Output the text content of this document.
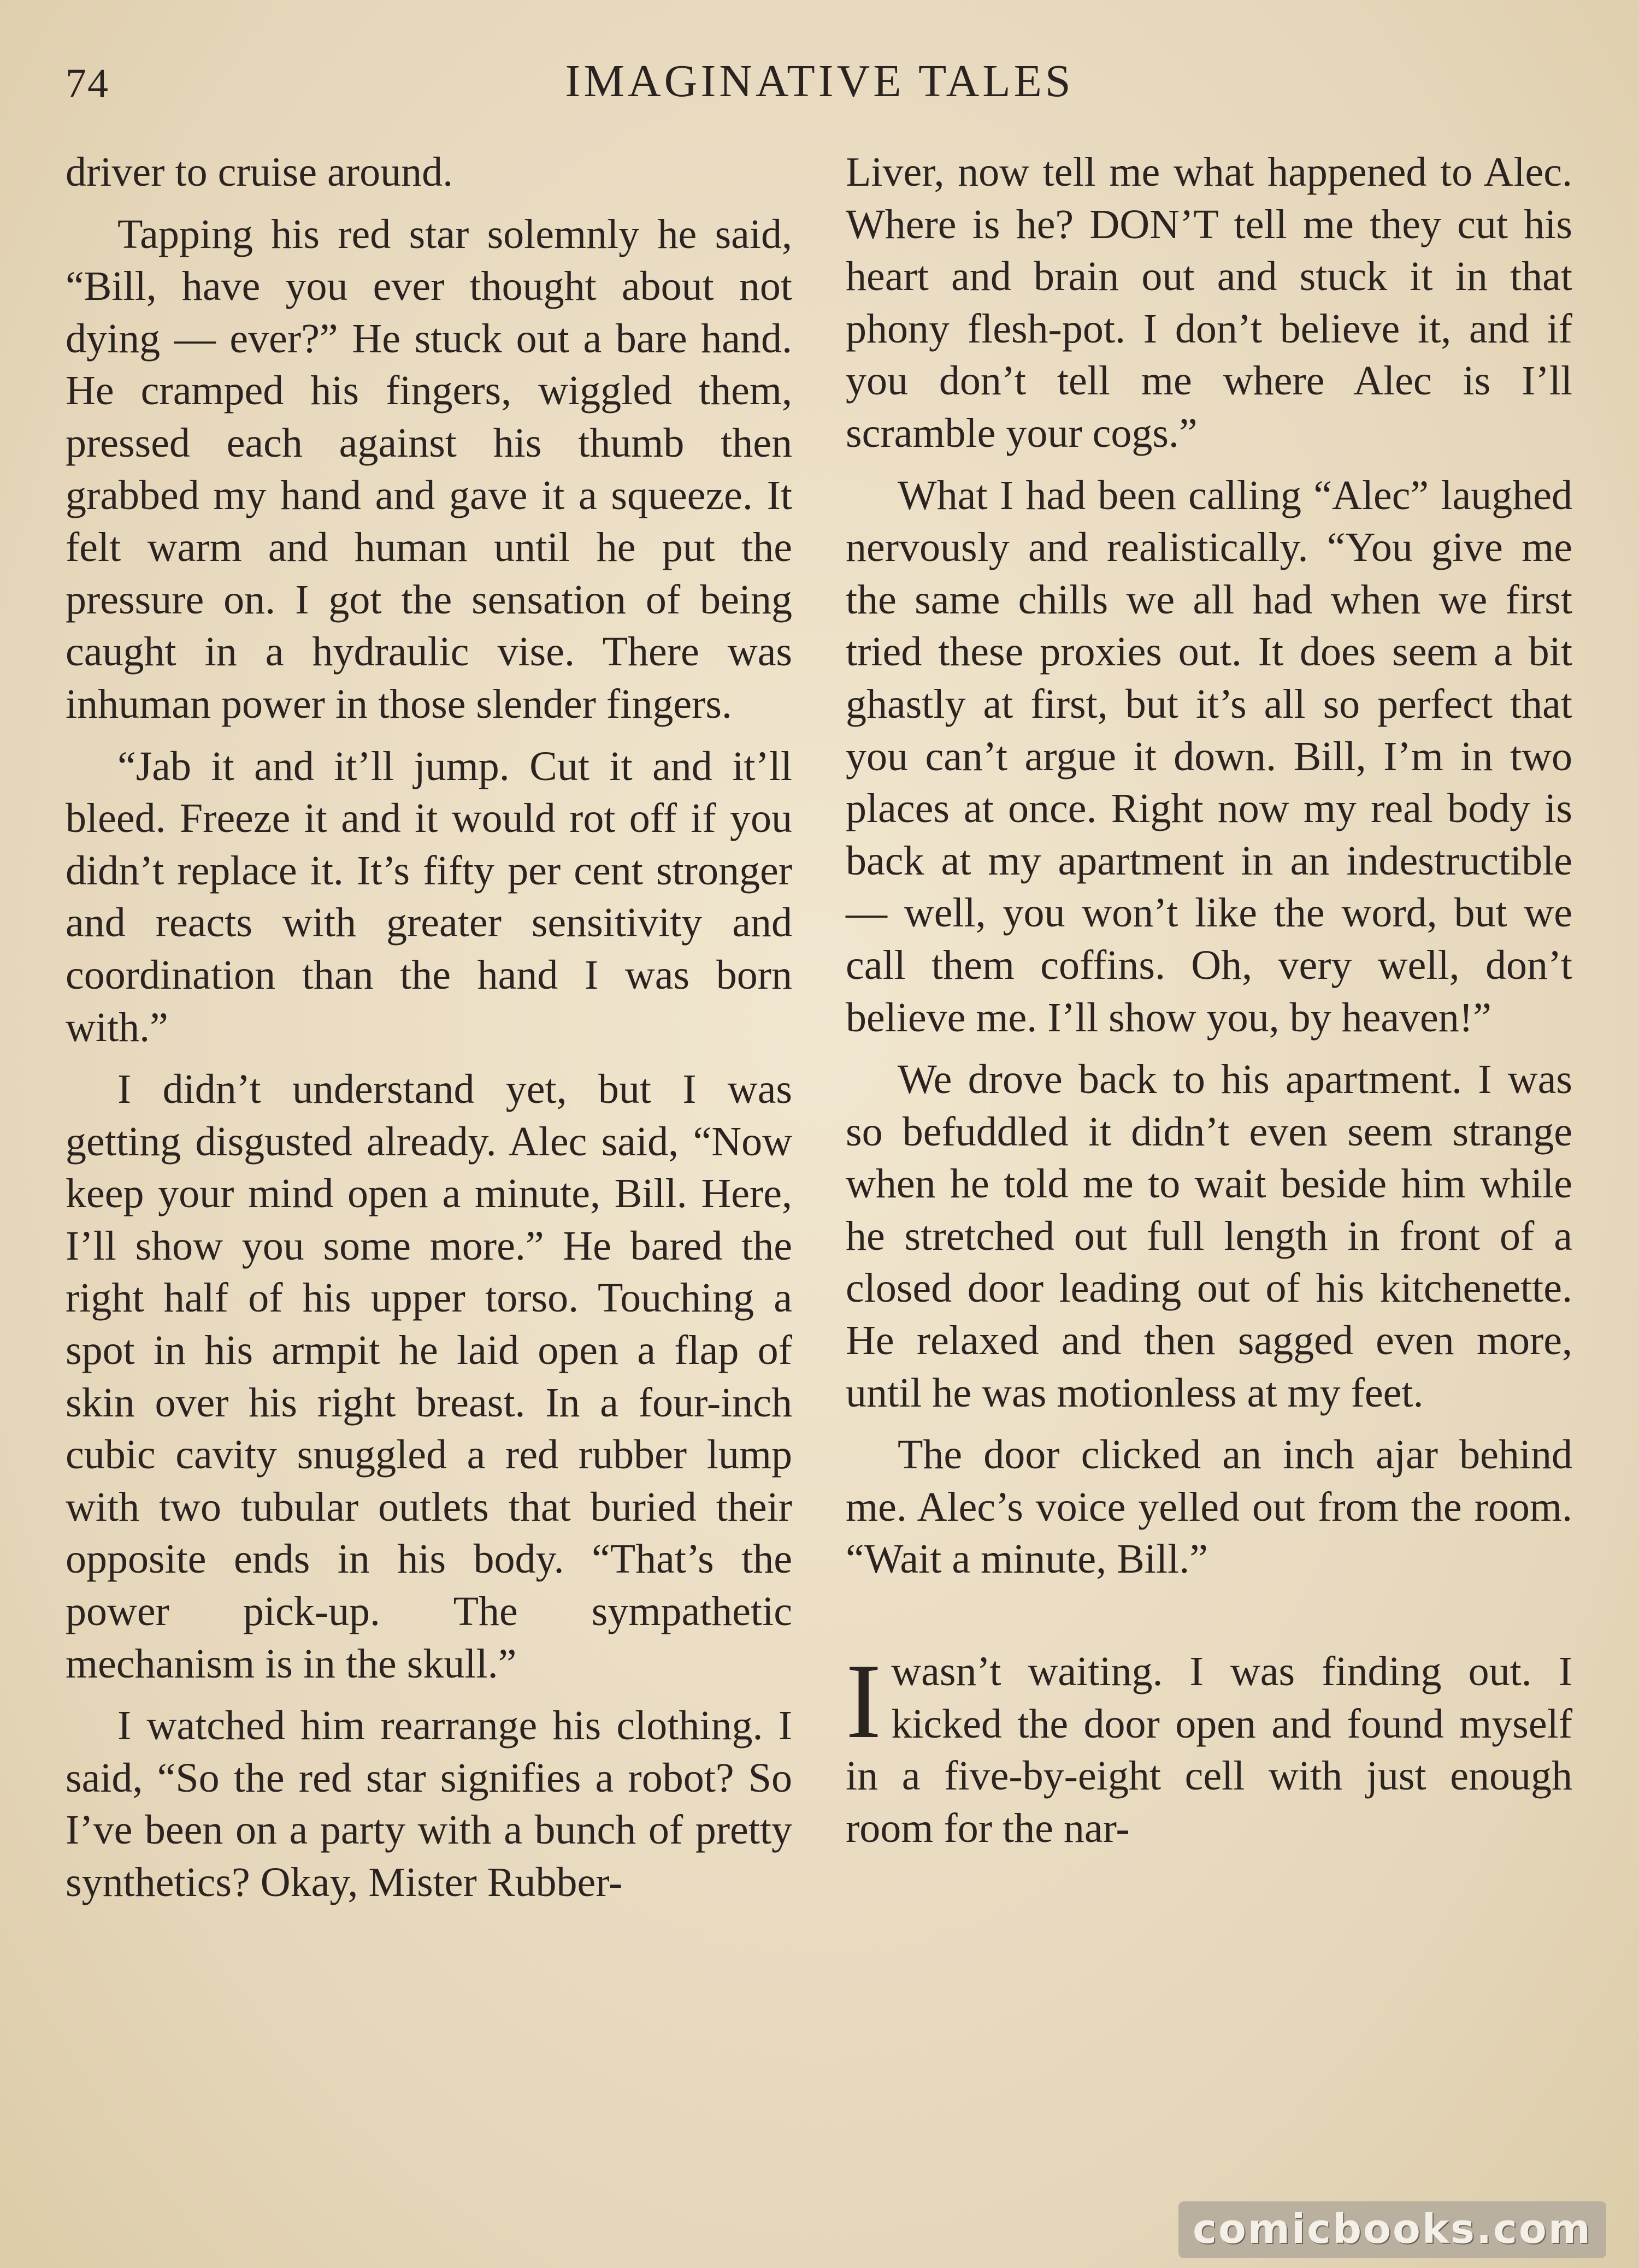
74	IMAGINATIVE TALES

driver to cruise around.

Tapping his red star solemnly he said, “Bill, have you ever thought about not dying — ever?” He stuck out a bare hand. He cramped his fingers, wiggled them, pressed each against his thumb then grabbed my hand and gave it a squeeze. It felt warm and human until he put the pressure on. I got the sensation of being caught in a hydraulic vise. There was inhuman power in those slender fingers.

“Jab it and it’ll jump. Cut it and it’ll bleed. Freeze it and it would rot off if you didn’t replace it. It’s fifty per cent stronger and reacts with greater sensitivity and coordination than the hand I was born with.”

I didn’t understand yet, but I was getting disgusted already. Alec said, “Now keep your mind open a minute, Bill. Here, I’ll show you some more.” He bared the right half of his upper torso. Touching a spot in his armpit he laid open a flap of skin over his right breast. In a four-inch cubic cavity snuggled a red rubber lump with two tubular outlets that buried their opposite ends in his body. “That’s the power pick-up. The sympathetic mechanism is in the skull.”

I watched him rearrange his clothing. I said, “So the red star signifies a robot? So I’ve been on a party with a bunch of pretty synthetics? Okay, Mister Rubber-

Liver, now tell me what happened to Alec. Where is he? DON’T tell me they cut his heart and brain out and stuck it in that phony flesh-pot. I don’t believe it, and if you don’t tell me where Alec is I’ll scramble your cogs.”

What I had been calling “Alec” laughed nervously and realistically. “You give me the same chills we all had when we first tried these proxies out. It does seem a bit ghastly at first, but it’s all so perfect that you can’t argue it down. Bill, I’m in two places at once. Right now my real body is back at my apartment in an indestructible — well, you won’t like the word, but we call them coffins. Oh, very well, don’t believe me. I’ll show you, by heaven!”

We drove back to his apartment. I was so befuddled it didn’t even seem strange when he told me to wait beside him while he stretched out full length in front of a closed door leading out of his kitchenette. He relaxed and then sagged even more, until he was motionless at my feet.

The door clicked an inch ajar behind me. Alec’s voice yelled out from the room. “Wait a minute, Bill.”

Iwasn’t waiting. I was finding out. I kicked the door open and found myself in a five-by-eight cell with just enough room for the nar-

comicbooks.com
